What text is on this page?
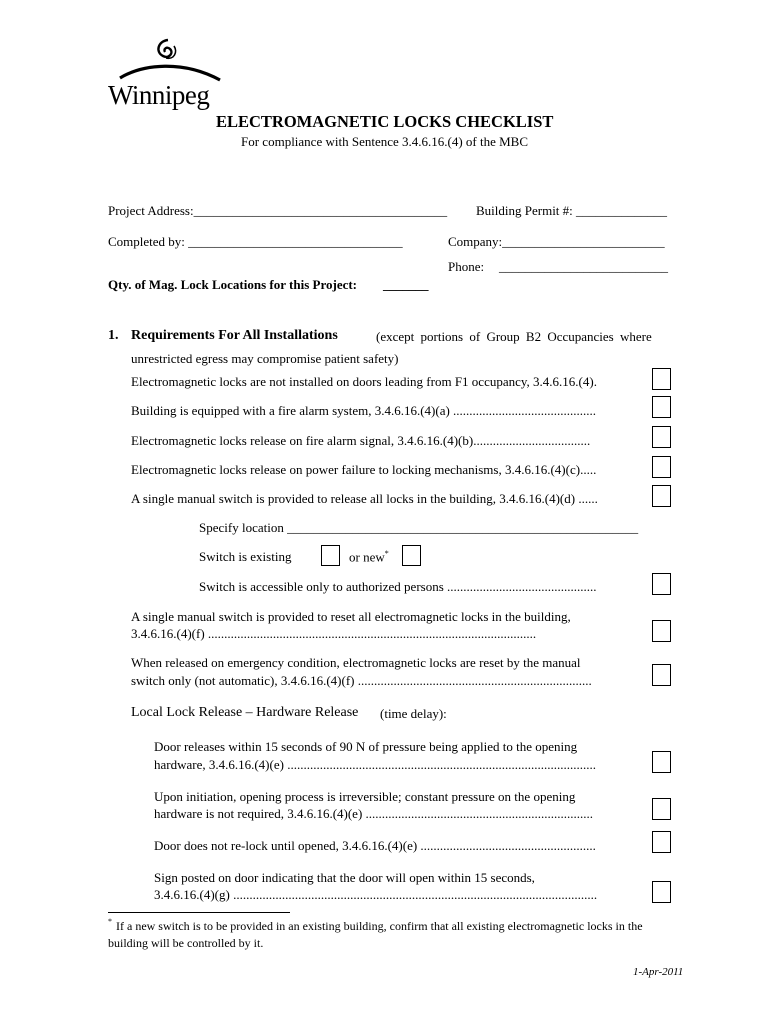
Winnipeg
ELECTROMAGNETIC LOCKS CHECKLIST
For compliance with Sentence 3.4.6.16.(4) of the MBC
Project Address:_______________________________________ Building Permit #: ______________
Completed by: _________________________________	Company:_________________________
Phone: __________________________
Qty. of Mag. Lock Locations for this Project: _______
1. Requirements For All Installations	(except portions of Group B2 Occupancies where
unrestricted egress may compromise patient safety)
Electromagnetic locks are not installed on doors leading from F1 occupancy, 3.4.6.16.(4).
Building is equipped with a fire alarm system, 3.4.6.16.(4)(a) ............................................
Electromagnetic locks release on fire alarm signal, 3.4.6.16.(4)(b)....................................
Electromagnetic locks release on power failure to locking mechanisms, 3.4.6.16.(4)(c).....
A single manual switch is provided to release all locks in the building, 3.4.6.16.(4)(d) ......
Specify location ______________________________________________________
Switch is existing	or new*
Switch is accessible only to authorized persons ..............................................
A single manual switch is provided to reset all electromagnetic locks in the building,
3.4.6.16.(4)(f) .....................................................................................................
When released on emergency condition, electromagnetic locks are reset by the manual
switch only (not automatic), 3.4.6.16.(4)(f) ........................................................................
Local Lock Release – Hardware Release (time delay):
Door releases within 15 seconds of 90 N of pressure being applied to the opening
hardware, 3.4.6.16.(4)(e) ...............................................................................................
Upon initiation, opening process is irreversible; constant pressure on the opening
hardware is not required, 3.4.6.16.(4)(e) ......................................................................
Door does not re-lock until opened, 3.4.6.16.(4)(e) ......................................................
Sign posted on door indicating that the door will open within 15 seconds,
3.4.6.16.(4)(g) ................................................................................................................
* If a new switch is to be provided in an existing building, confirm that all existing electromagnetic locks in the
building will be controlled by it.
1-Apr-2011
